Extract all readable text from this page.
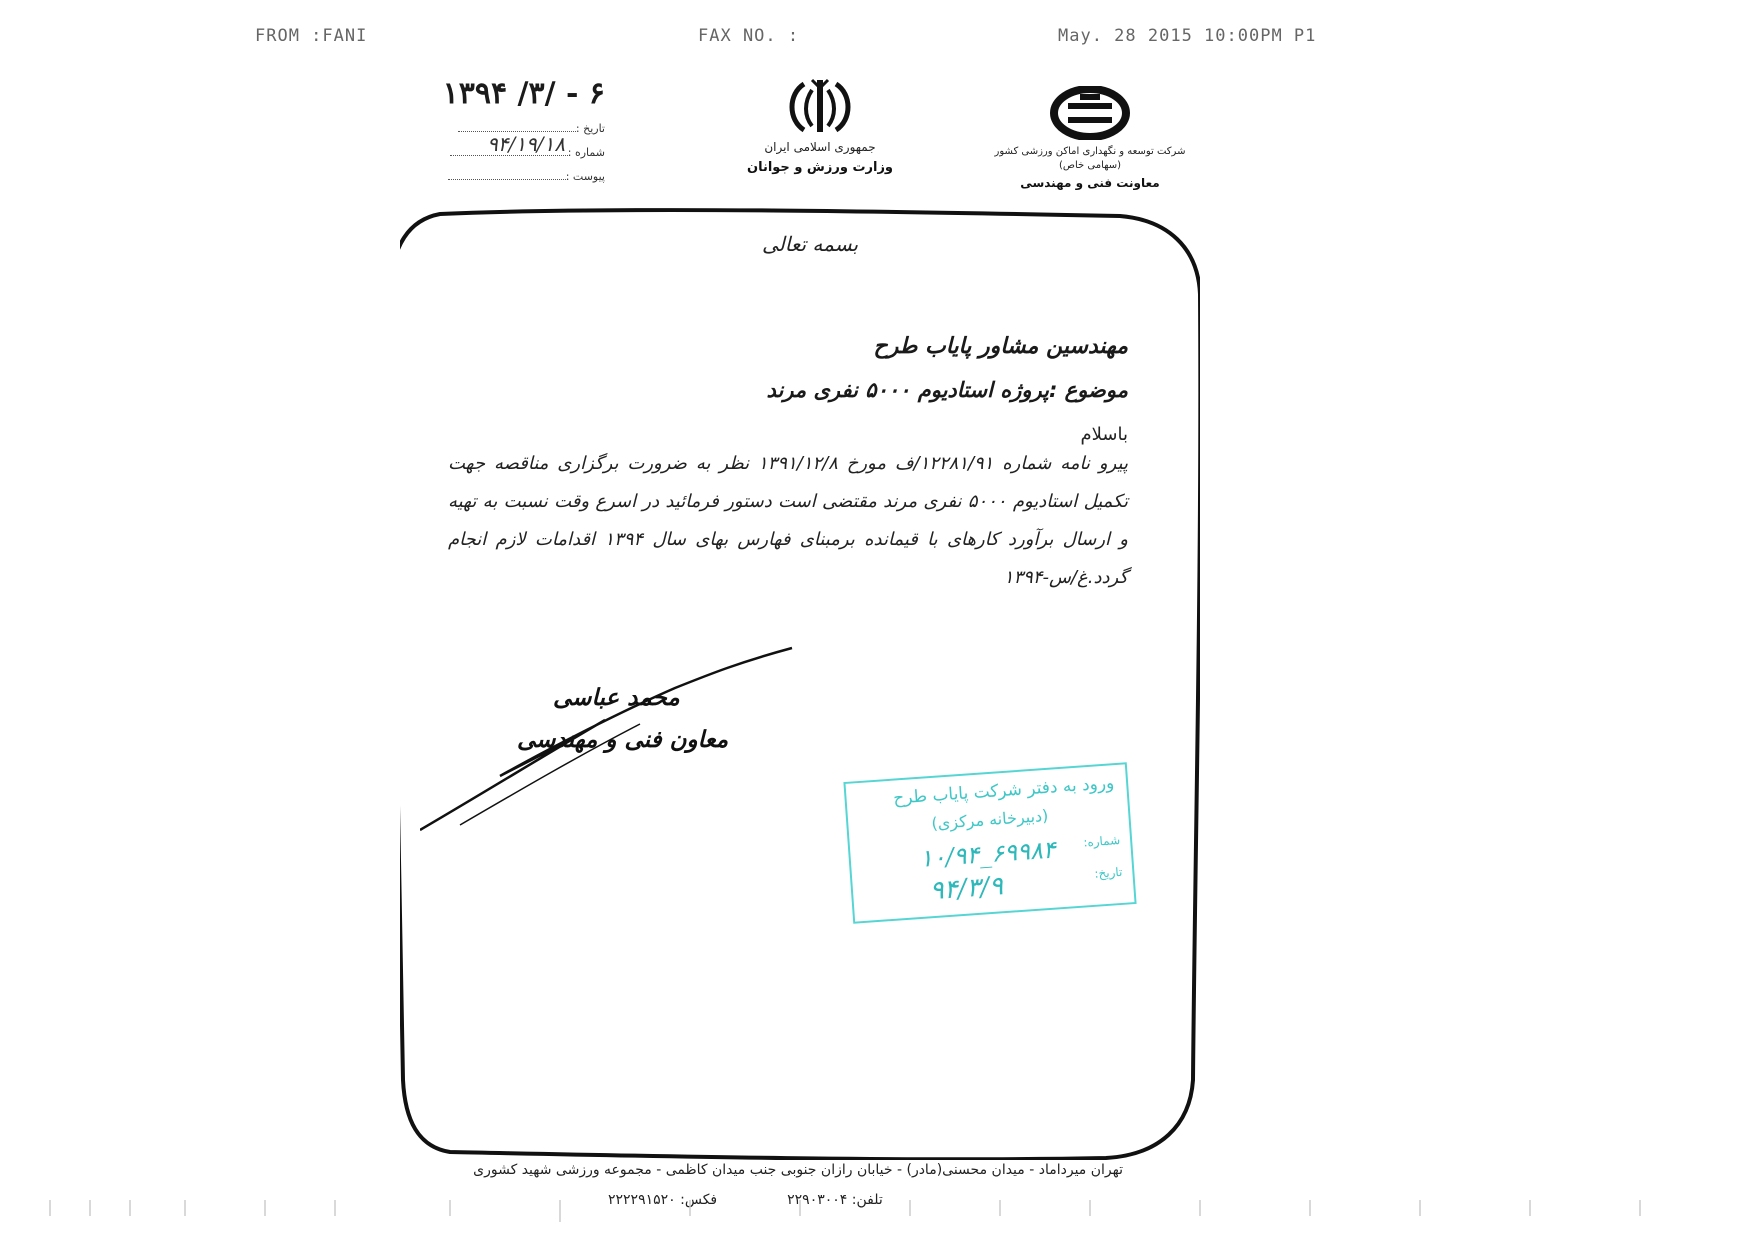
FROM :FANI	FAX NO. :	May. 28 2015 10:00PM P1
۱۳۹۴ /۳/ - ۶
تاریخ :
شماره :
۹۴/۱۹/۱۸
پیوست :
جمهوری اسلامی ایران
وزارت ورزش و جوانان
شرکت توسعه و نگهداری اماکن ورزشی کشور
(سهامی خاص)
معاونت فنی و مهندسی
بسمه تعالی
مهندسین مشاور پایاب طرح
موضوع :پروژه استادیوم ۵۰۰۰ نفری مرند
باسلام
پیرو نامه شماره ۱۲۲۸۱/۹۱/ف مورخ ۱۳۹۱/۱۲/۸ نظر به ضرورت برگزاری مناقصه جهت تکمیل استادیوم ۵۰۰۰ نفری مرند مقتضی است دستور فرمائید در اسرع وقت نسبت به تهیه و ارسال برآورد کارهای با قیمانده برمبنای فهارس بهای سال ۱۳۹۴ اقدامات لازم انجام گردد.غ/س-۱۳۹۴
محمد عباسی
معاون فنی و مهندسی
ورود به دفتر شرکت پایاب طرح
(دبیرخانه مرکزی)
شماره:
۱۰/۹۴_۶۹۹۸۴	تاریخ:
۹۴/۳/۹
تهران میرداماد - میدان محسنی(مادر) - خیابان رازان جنوبی جنب میدان کاظمی - مجموعه ورزشی شهید کشوری
تلفن: ۲۲۹۰۳۰۰۴فکس: ۲۲۲۲۹۱۵۲۰
